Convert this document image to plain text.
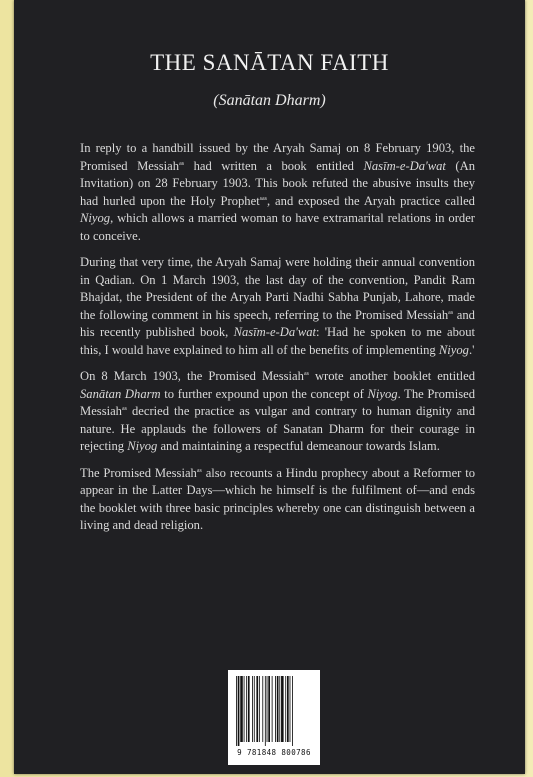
THE SANĀTAN FAITH
(Sanātan Dharm)

In reply to a handbill issued by the Aryah Samaj on 8 February 1903, the Promised Messiah$^{as}$ had written a book entitled Nasīm-e-Da'wat (An Invitation) on 28 February 1903. This book refuted the abusive insults they had hurled upon the Holy Prophet$^{sas}$, and exposed the Aryah practice called Niyog, which allows a married woman to have extramarital relations in order to conceive.

During that very time, the Aryah Samaj were holding their annual convention in Qadian. On 1 March 1903, the last day of the convention, Pandit Ram Bhajdat, the President of the Aryah Parti Nadhi Sabha Punjab, Lahore, made the following comment in his speech, referring to the Promised Messiah$^{as}$ and his recently published book, Nasīm-e-Da'wat: 'Had he spoken to me about this, I would have explained to him all of the benefits of implementing Niyog.'

On 8 March 1903, the Promised Messiah$^{as}$ wrote another booklet entitled Sanātan Dharm to further expound upon the concept of Niyog. The Promised Messiah$^{as}$ decried the practice as vulgar and contrary to human dignity and nature. He applauds the followers of Sanatan Dharm for their courage in rejecting Niyog and maintaining a respectful demeanour towards Islam.

The Promised Messiah$^{as}$ also recounts a Hindu prophecy about a Reformer to appear in the Latter Days—which he himself is the fulfilment of—and ends the booklet with three basic principles whereby one can distinguish between a living and dead religion.

9 781848 800786
